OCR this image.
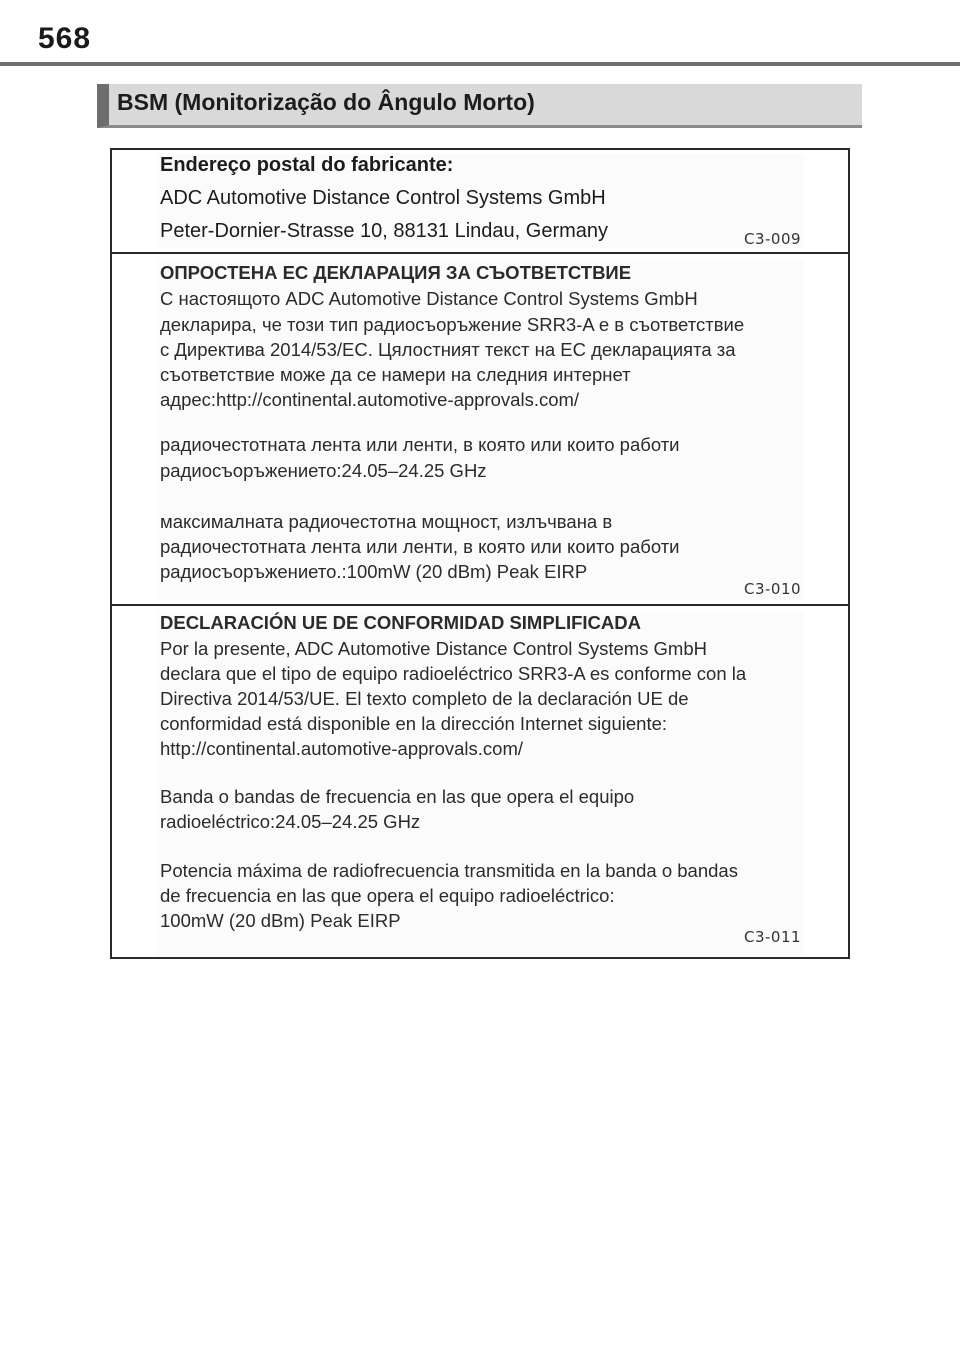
568
BSM (Monitorização do Ângulo Morto)
Endereço postal do fabricante:
ADC Automotive Distance Control Systems GmbH
Peter-Dornier-Strasse 10, 88131 Lindau, Germany	C3-009
ОПРОСТЕНА ЕС ДЕКЛАРАЦИЯ ЗА СЪОТВЕТСТВИЕ
С настоящото ADC Automotive Distance Control Systems GmbH
декларира, че този тип радиосъоръжение SRR3-A е в съответствие
с Директива 2014/53/ЕС. Цялостният текст на ЕС декларацията за
съответствие може да се намери на следния интернет
адрес:http://continental.automotive-approvals.com/
радиочестотната лента или ленти, в която или които работи
радиосъоръжението:24.05–24.25 GHz
максималната радиочестотна мощност, излъчвана в
радиочестотната лента или ленти, в която или които работи
радиосъоръжението.:100mW (20 dBm) Peak EIRP
C3-010
DECLARACIÓN UE DE CONFORMIDAD SIMPLIFICADA
Por la presente, ADC Automotive Distance Control Systems GmbH
declara que el tipo de equipo radioeléctrico SRR3-A es conforme con la
Directiva 2014/53/UE. El texto completo de la declaración UE de
conformidad está disponible en la dirección Internet siguiente:
http://continental.automotive-approvals.com/
Banda o bandas de frecuencia en las que opera el equipo
radioeléctrico:24.05–24.25 GHz
Potencia máxima de radiofrecuencia transmitida en la banda o bandas
de frecuencia en las que opera el equipo radioeléctrico:
100mW (20 dBm) Peak EIRP
C3-011
